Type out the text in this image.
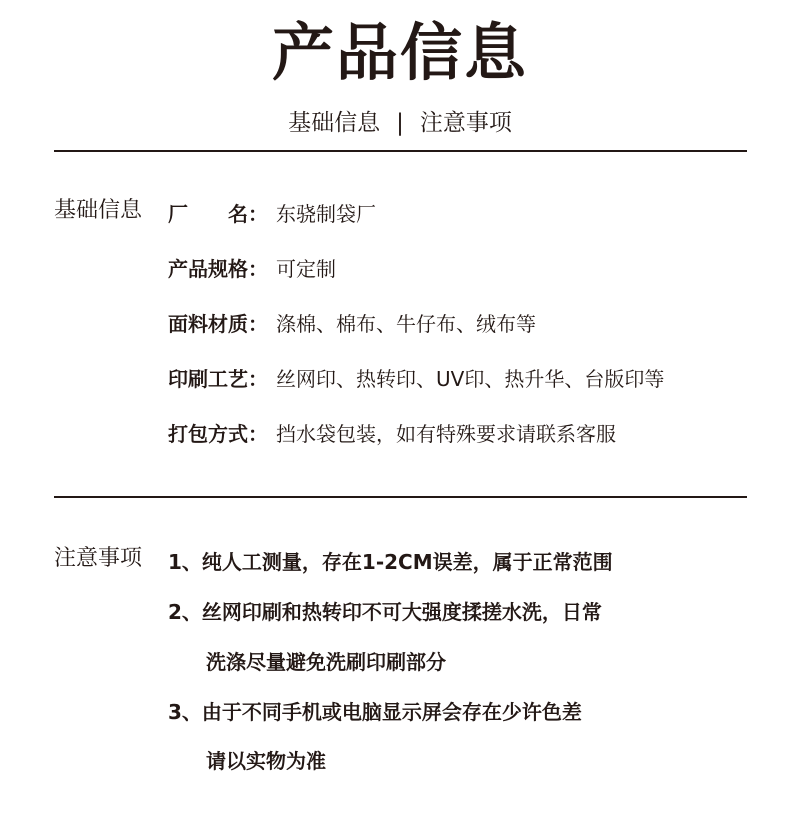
产品信息
基础信息 | 注意事项
基础信息 厂　　名： 东骁制袋厂
产品规格： 可定制
面料材质： 涤棉、棉布、牛仔布、绒布等
印刷工艺： 丝网印、热转印、UV印、热升华、台版印等
打包方式： 挡水袋包装，如有特殊要求请联系客服
注意事项 1、纯人工测量，存在1-2CM误差，属于正常范围
2、丝网印刷和热转印不可大强度揉搓水洗，日常
洗涤尽量避免洗刷印刷部分
3、由于不同手机或电脑显示屏会存在少许色差
请以实物为准
